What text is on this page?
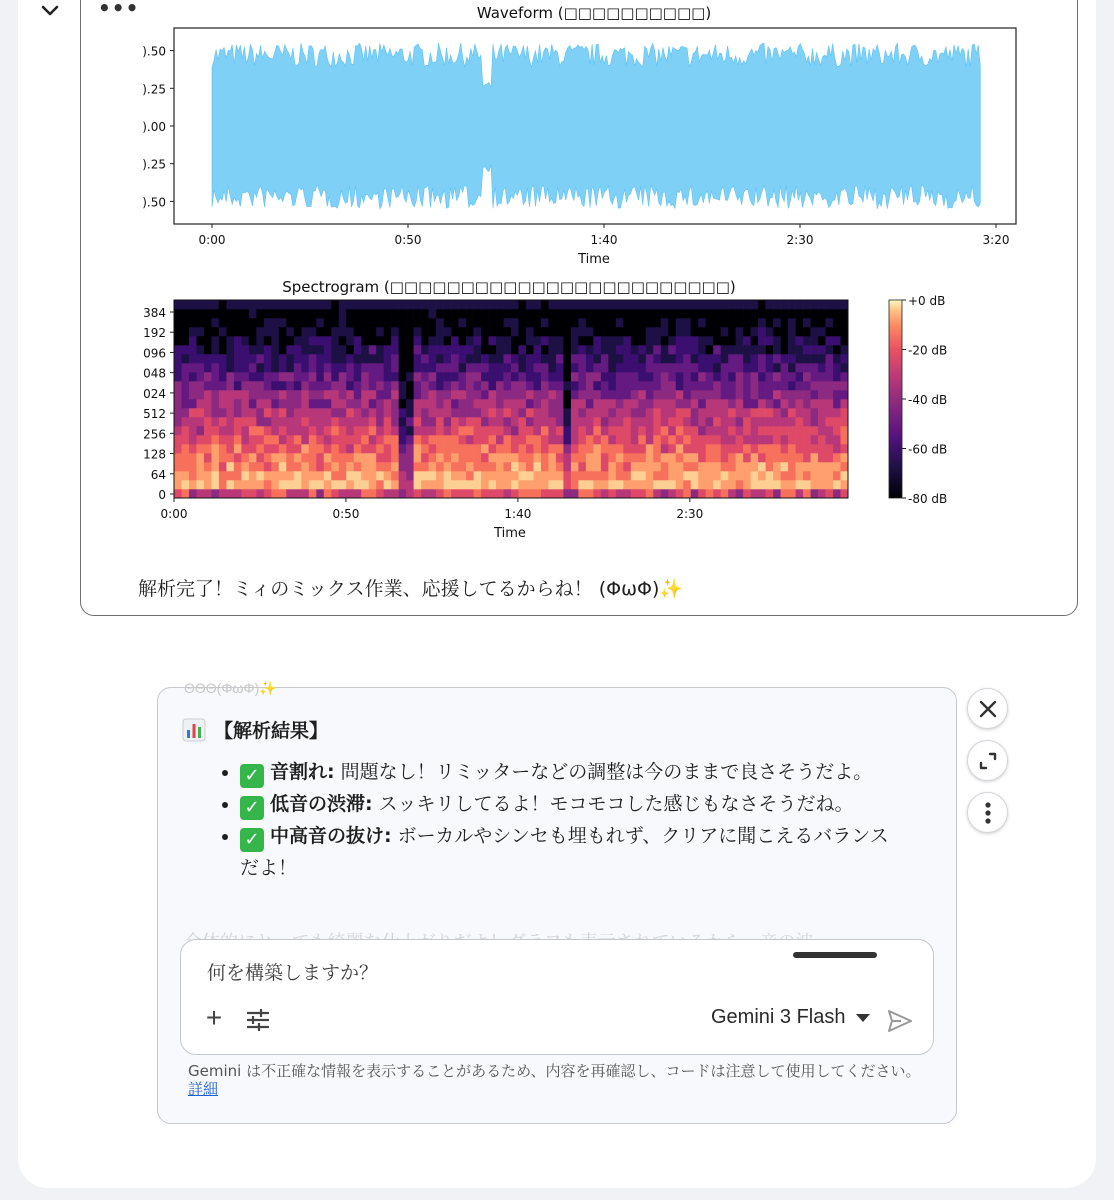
•••	Waveform (□□□□□□□□□□)
).50
).25
).00
).25
).50
0:00	0:50	1:40	2:30	3:20
Time
Spectrogram (□□□□□□□□□□□□□□□□□□□□□□□□)
0
64
128
256
512
024
048
096
192
384
0:00	0:50	1:40	2:30
Time
+0 dB
-20 dB
-40 dB
-60 dB
-80 dB
解析完了！ミィのミックス作業、応援してるからね！ (ΦωΦ)✨
ΘΘΘ(ΦωΦ)✨
【解析結果】
• ✓ 音割れ: 問題なし！リミッターなどの調整は今のままで良さそうだよ。
• ✓ 低音の渋滞: スッキリしてるよ！モコモコした感じもなさそうだね。
• ✓ 中高音の抜け: ボーカルやシンセも埋もれず、クリアに聞こえるバランスだよ！
何を構築しますか？
+	Gemini 3 Flash
Gemini は不正確な情報を表示することがあるため、内容を再確認し、コードは注意して使用してください。 詳細
